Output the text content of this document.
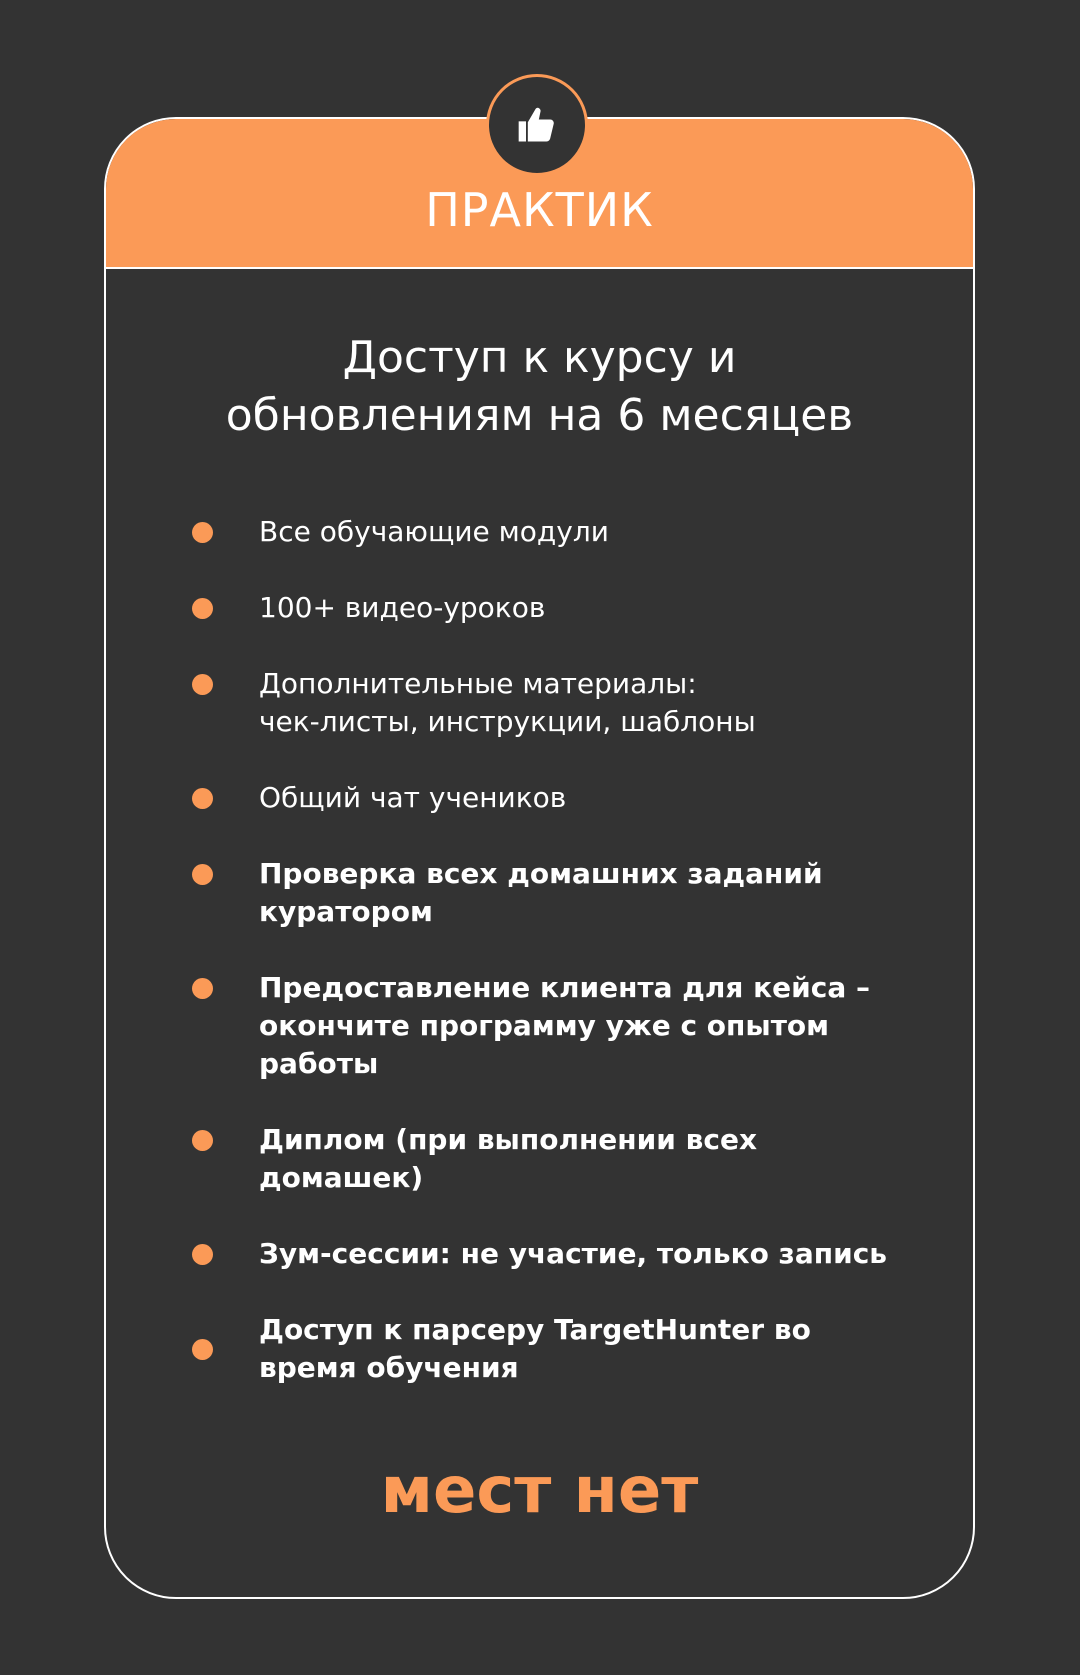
ПРАКТИК
Доступ к курсу и
обновлениям на 6 месяцев
Все обучающие модули
100+ видео-уроков
Дополнительные материалы:
чек-листы, инструкции, шаблоны
Общий чат учеников
Проверка всех домашних заданий
куратором
Предоставление клиента для кейса –
окончите программу уже с опытом
работы
Диплом (при выполнении всех
домашек)
Зум-сессии: не участие, только запись
Доступ к парсеру TargetHunter во
время обучения
мест нет
